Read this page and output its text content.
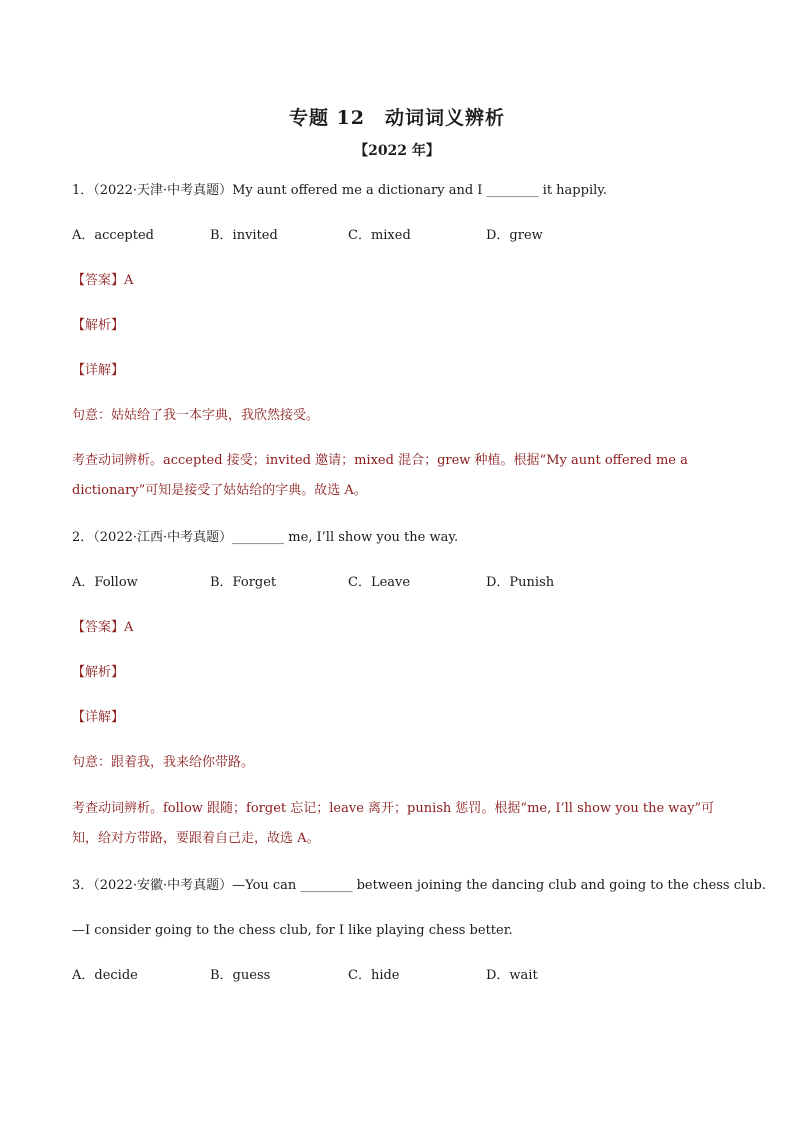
专题 12　动词词义辨析
【2022 年】
1．（2022·天津·中考真题）My aunt offered me a dictionary and I ________ it happily.
A．accepted	B．invited	C．mixed	D．grew
【答案】A
【解析】
【详解】
句意：姑姑给了我一本字典，我欣然接受。
考查动词辨析。accepted 接受；invited 邀请；mixed 混合；grew 种植。根据“My aunt offered me a dictionary”可知是接受了姑姑给的字典。故选 A。
2．（2022·江西·中考真题）________ me, I’ll show you the way.
A．Follow	B．Forget	C．Leave	D．Punish
【答案】A
【解析】
【详解】
句意：跟着我，我来给你带路。
考查动词辨析。follow 跟随；forget 忘记；leave 离开；punish 惩罚。根据“me, I’ll show you the way”可知，给对方带路，要跟着自己走，故选 A。
3．（2022·安徽·中考真题）—You can ________ between joining the dancing club and going to the chess club.
—I consider going to the chess club, for I like playing chess better.
A．decide	B．guess	C．hide	D．wait
